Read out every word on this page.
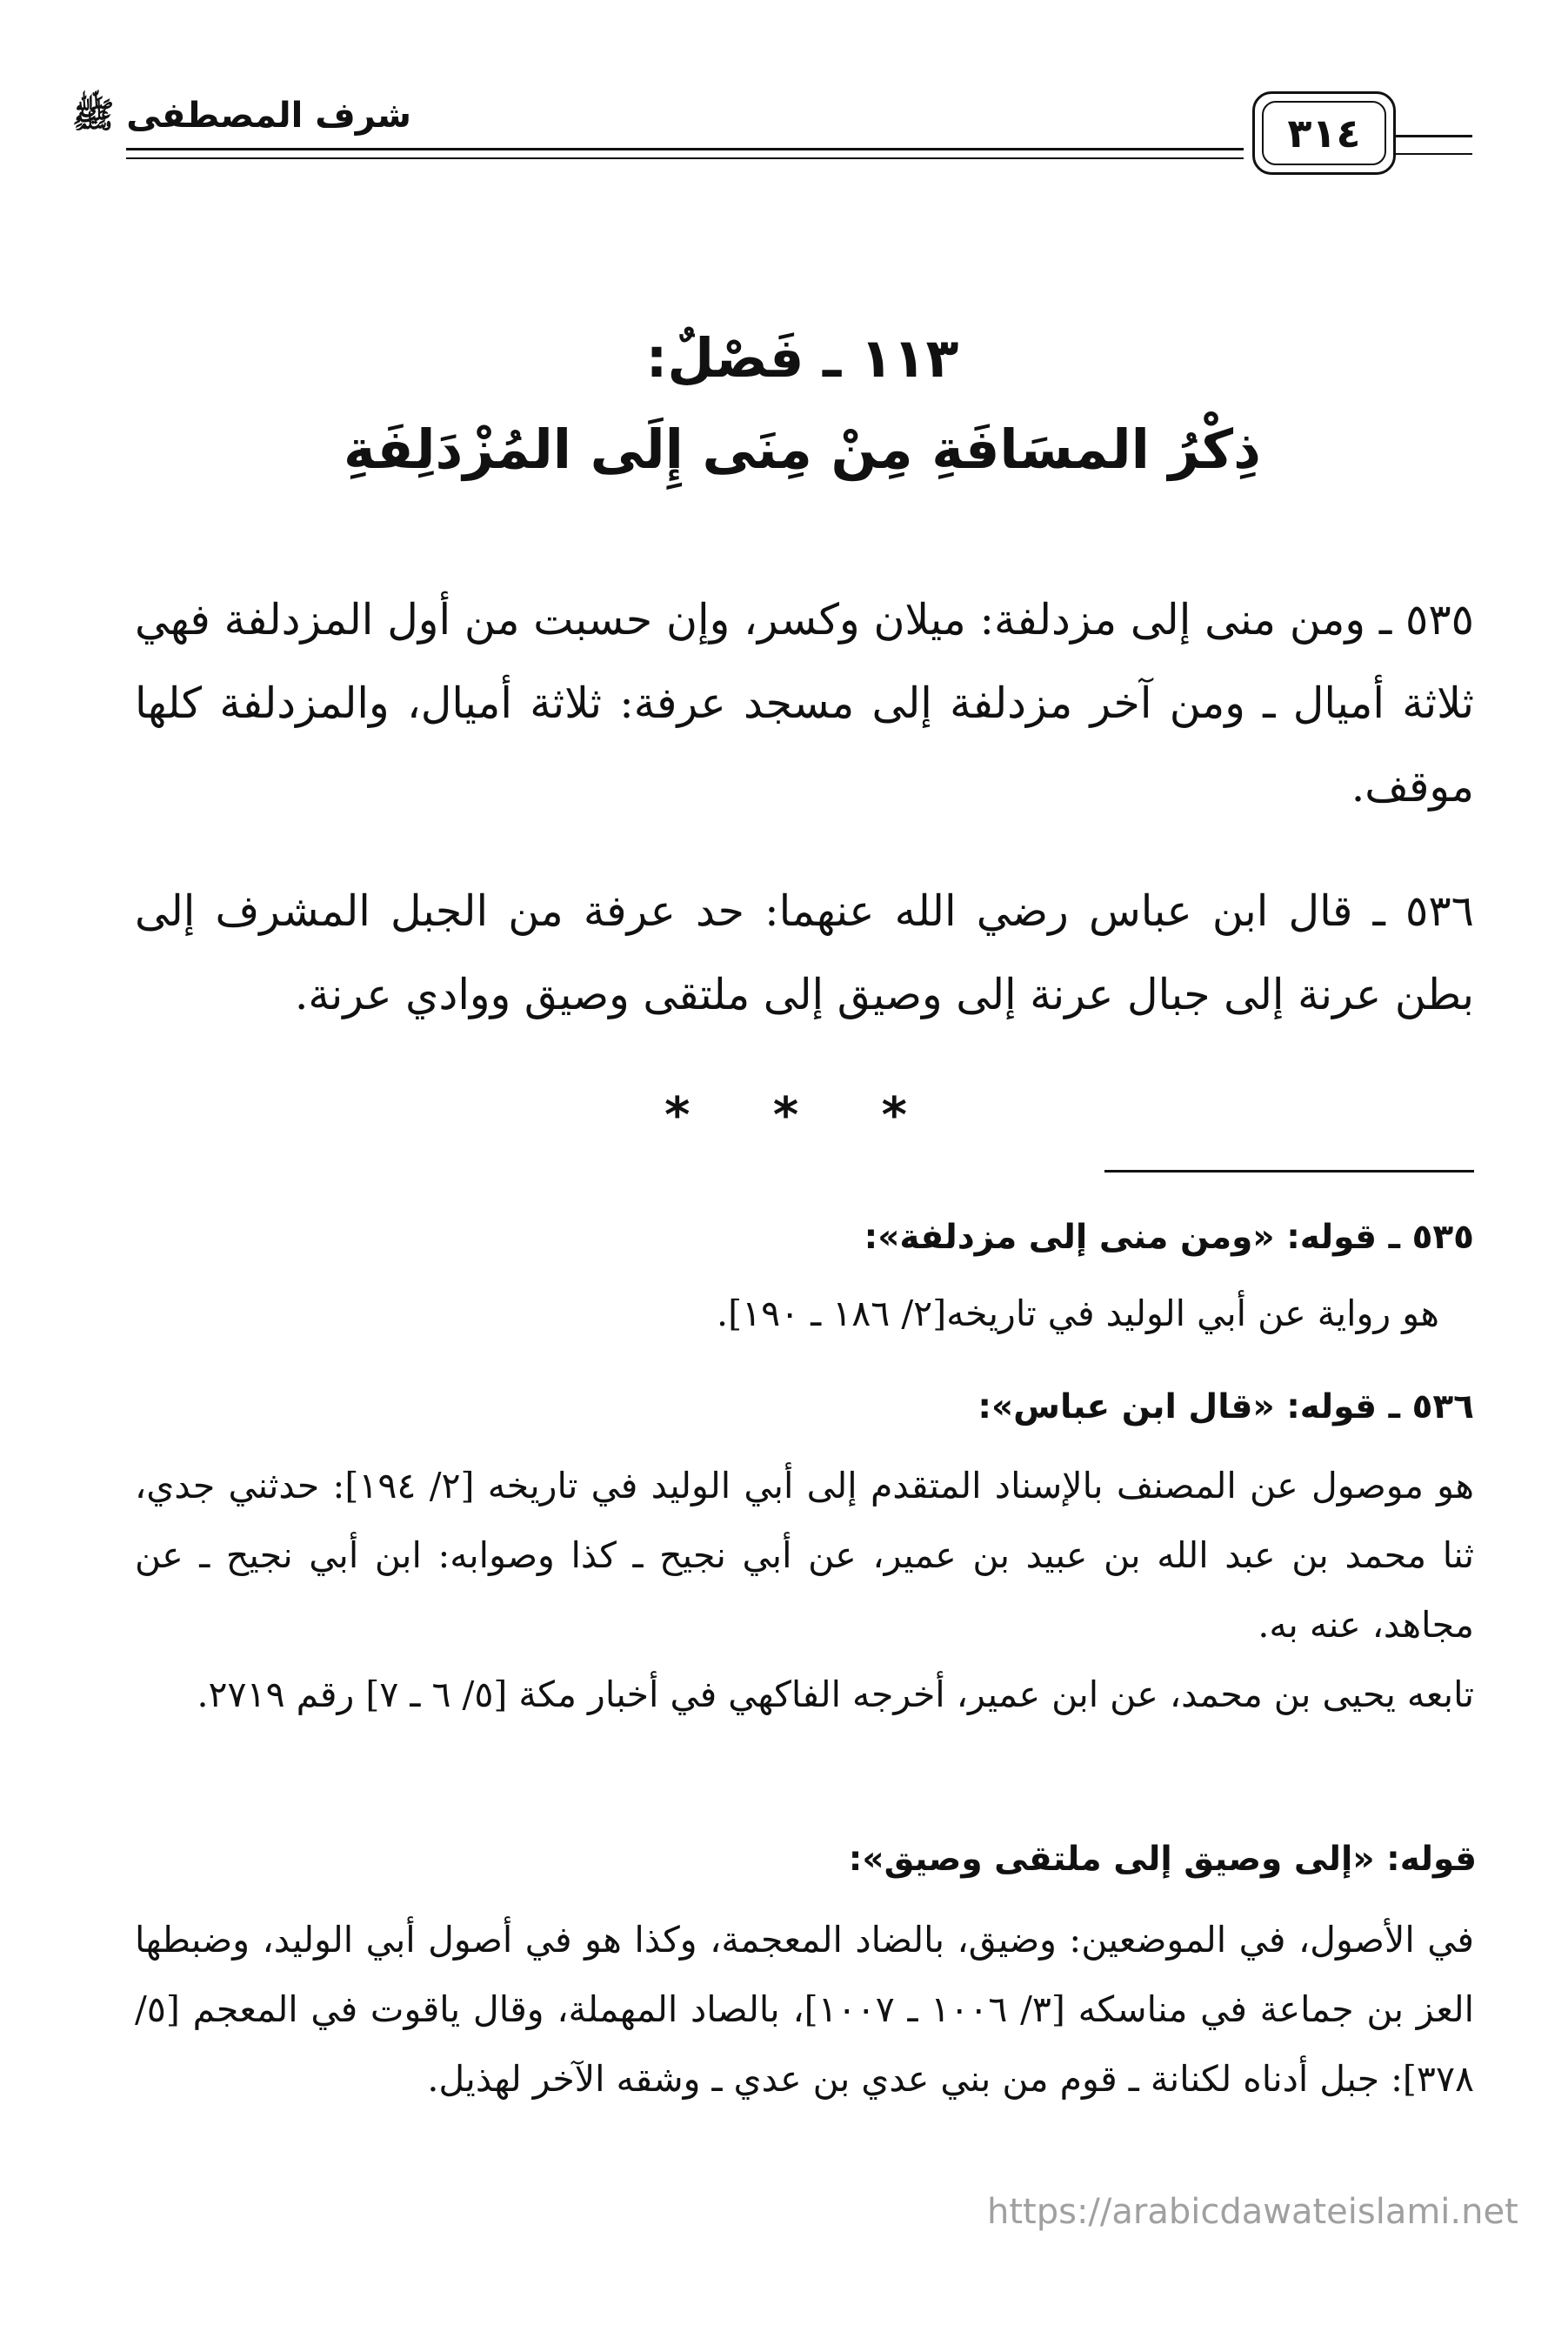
شرف المصطفى ﷺ	٣١٤
١١٣ ـ فَصْلٌ:
ذِكْرُ المسَافَةِ مِنْ مِنَى إِلَى المُزْدَلِفَةِ
٥٣٥ ـ ومن منى إلى مزدلفة: ميلان وكسر، وإن حسبت من أول المزدلفة فهي ثلاثة أميال ـ ومن آخر مزدلفة إلى مسجد عرفة: ثلاثة أميال، والمزدلفة كلها موقف.
٥٣٦ ـ قال ابن عباس رضي الله عنهما: حد عرفة من الجبل المشرف إلى بطن عرنة إلى جبال عرنة إلى وصيق إلى ملتقى وصيق ووادي عرنة.
* * *
٥٣٥ ـ قوله: «ومن منى إلى مزدلفة»:
هو رواية عن أبي الوليد في تاريخه[٢/ ١٨٦ ـ ١٩٠].
٥٣٦ ـ قوله: «قال ابن عباس»:
هو موصول عن المصنف بالإسناد المتقدم إلى أبي الوليد في تاريخه [٢/ ١٩٤]: حدثني جدي، ثنا محمد بن عبد الله بن عبيد بن عمير، عن أبي نجيح ـ كذا وصوابه: ابن أبي نجيح ـ عن مجاهد، عنه به.
تابعه يحيى بن محمد، عن ابن عمير، أخرجه الفاكهي في أخبار مكة [٥/ ٦ ـ ٧] رقم ٢٧١٩.
قوله: «إلى وصيق إلى ملتقى وصيق»:
في الأصول، في الموضعين: وضيق، بالضاد المعجمة، وكذا هو في أصول أبي الوليد، وضبطها العز بن جماعة في مناسكه [٣/ ١٠٠٦ ـ ١٠٠٧]، بالصاد المهملة، وقال ياقوت في المعجم [٥/ ٣٧٨]: جبل أدناه لكنانة ـ قوم من بني عدي بن عدي ـ وشقه الآخر لهذيل.
https://arabicdawateislami.net
